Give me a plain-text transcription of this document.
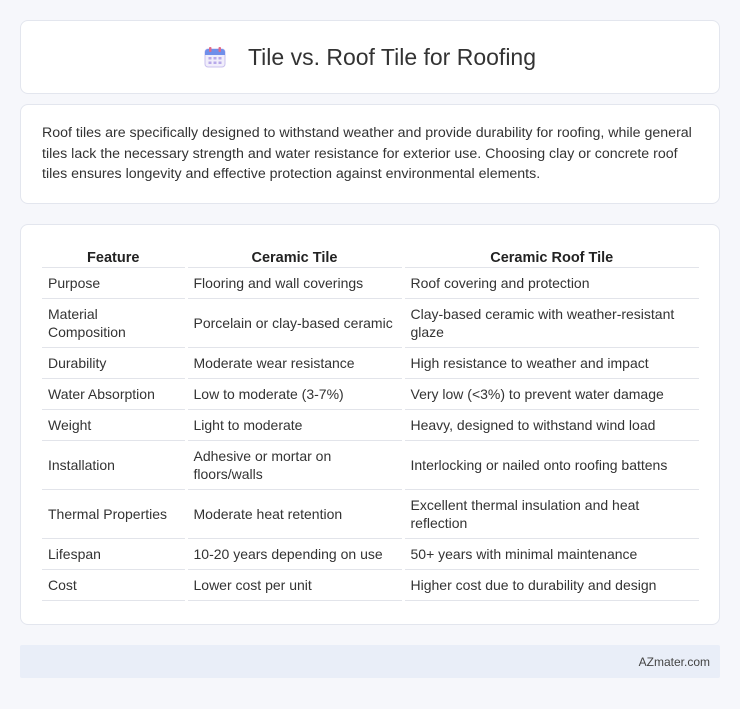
Tile vs. Roof Tile for Roofing

Roof tiles are specifically designed to withstand weather and provide durability for roofing, while general tiles lack the necessary strength and water resistance for exterior use. Choosing clay or concrete roof tiles ensures longevity and effective protection against environmental elements.

Feature	Ceramic Tile	Ceramic Roof Tile
Purpose	Flooring and wall coverings	Roof covering and protection
Material Composition	Porcelain or clay-based ceramic	Clay-based ceramic with weather-resistant glaze
Durability	Moderate wear resistance	High resistance to weather and impact
Water Absorption	Low to moderate (3-7%)	Very low (<3%) to prevent water damage
Weight	Light to moderate	Heavy, designed to withstand wind load
Installation	Adhesive or mortar on floors/walls	Interlocking or nailed onto roofing battens
Thermal Properties	Moderate heat retention	Excellent thermal insulation and heat reflection
Lifespan	10-20 years depending on use	50+ years with minimal maintenance
Cost	Lower cost per unit	Higher cost due to durability and design
AZmater.com
